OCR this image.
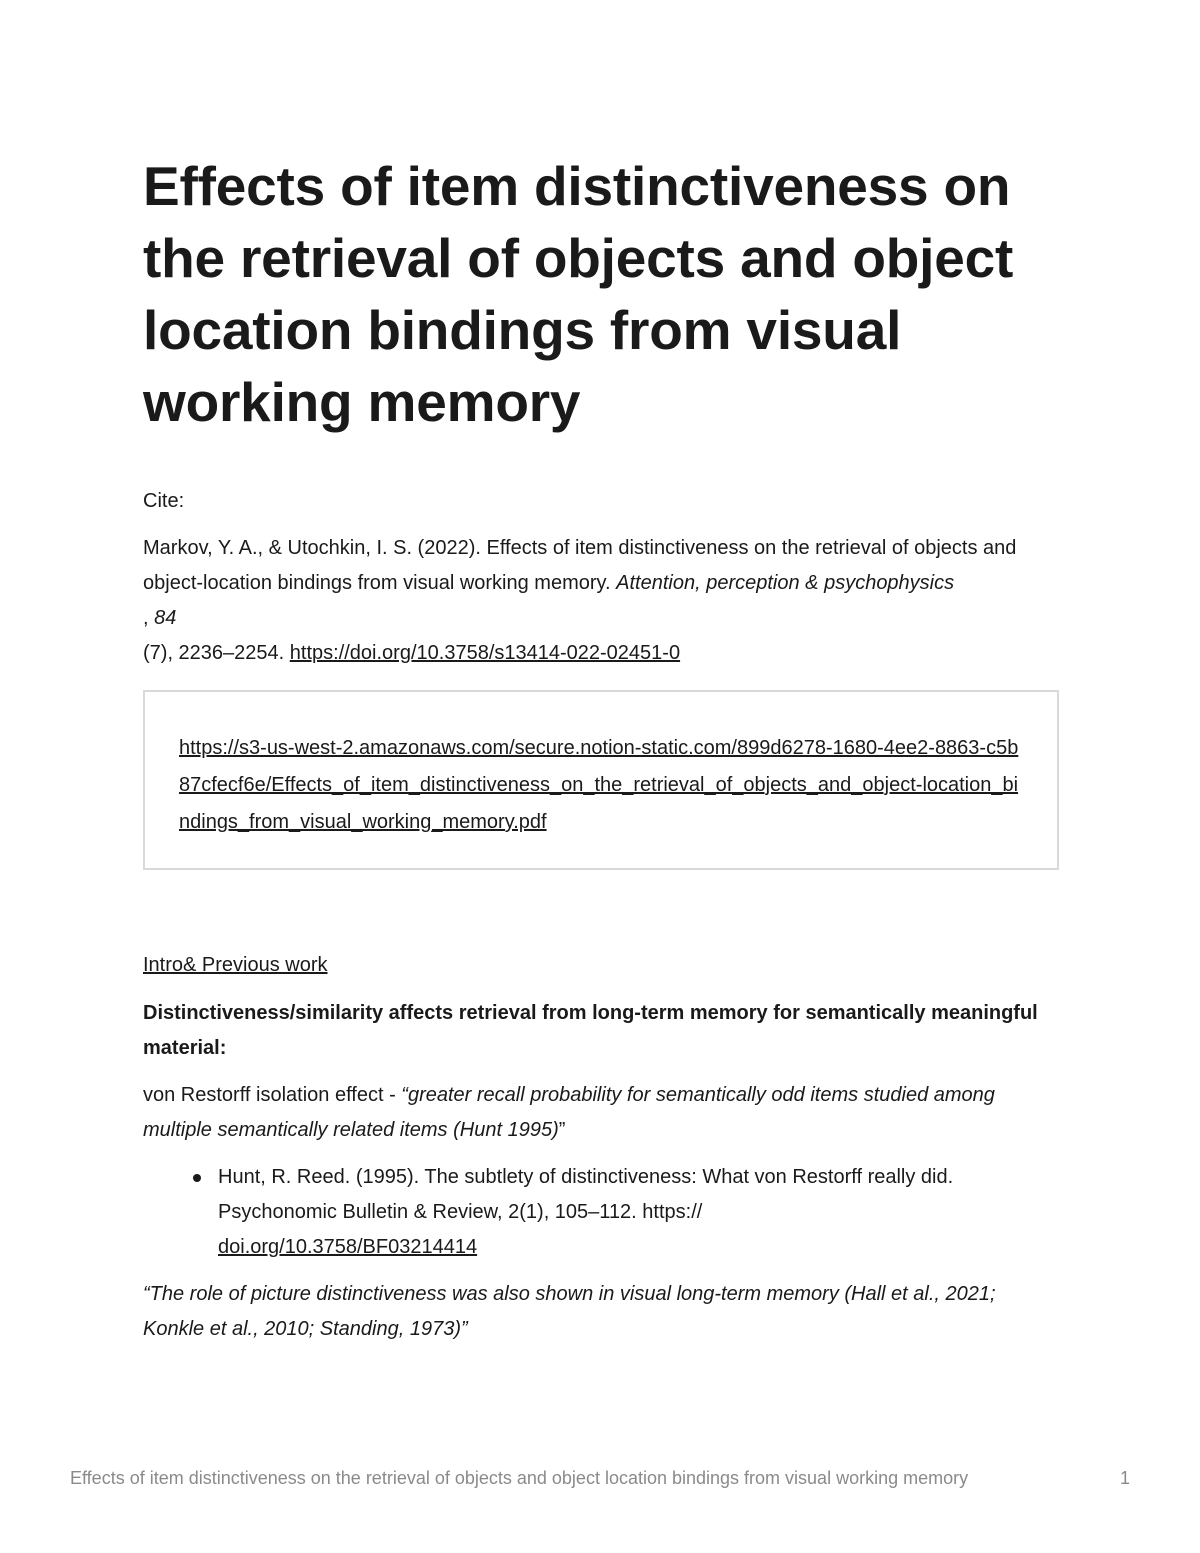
Effects of item distinctiveness on the retrieval of objects and object location bindings from visual working memory
Cite:
Markov, Y. A., & Utochkin, I. S. (2022). Effects of item distinctiveness on the retrieval of objects and object-location bindings from visual working memory. Attention, perception & psychophysics
, 84
(7), 2236–2254. https://doi.org/10.3758/s13414-022-02451-0
https://s3-us-west-2.amazonaws.com/secure.notion-static.com/899d6278-1680-4ee2-8863-c5b87cfecf6e/Effects_of_item_distinctiveness_on_the_retrieval_of_objects_and_object-location_bindings_from_visual_working_memory.pdf
Intro& Previous work
Distinctiveness/similarity affects retrieval from long-term memory for semantically meaningful material:
von Restorff isolation effect - “greater recall probability for semantically odd items studied among multiple semantically related items (Hunt 1995)”
Hunt, R. Reed. (1995). The subtlety of distinctiveness: What von Restorff really did. Psychonomic Bulletin & Review, 2(1), 105–112. https://
doi.org/10.3758/BF03214414
“The role of picture distinctiveness was also shown in visual long-term memory (Hall et al., 2021; Konkle et al., 2010; Standing, 1973)”
Effects of item distinctiveness on the retrieval of objects and object location bindings from visual working memory	1
